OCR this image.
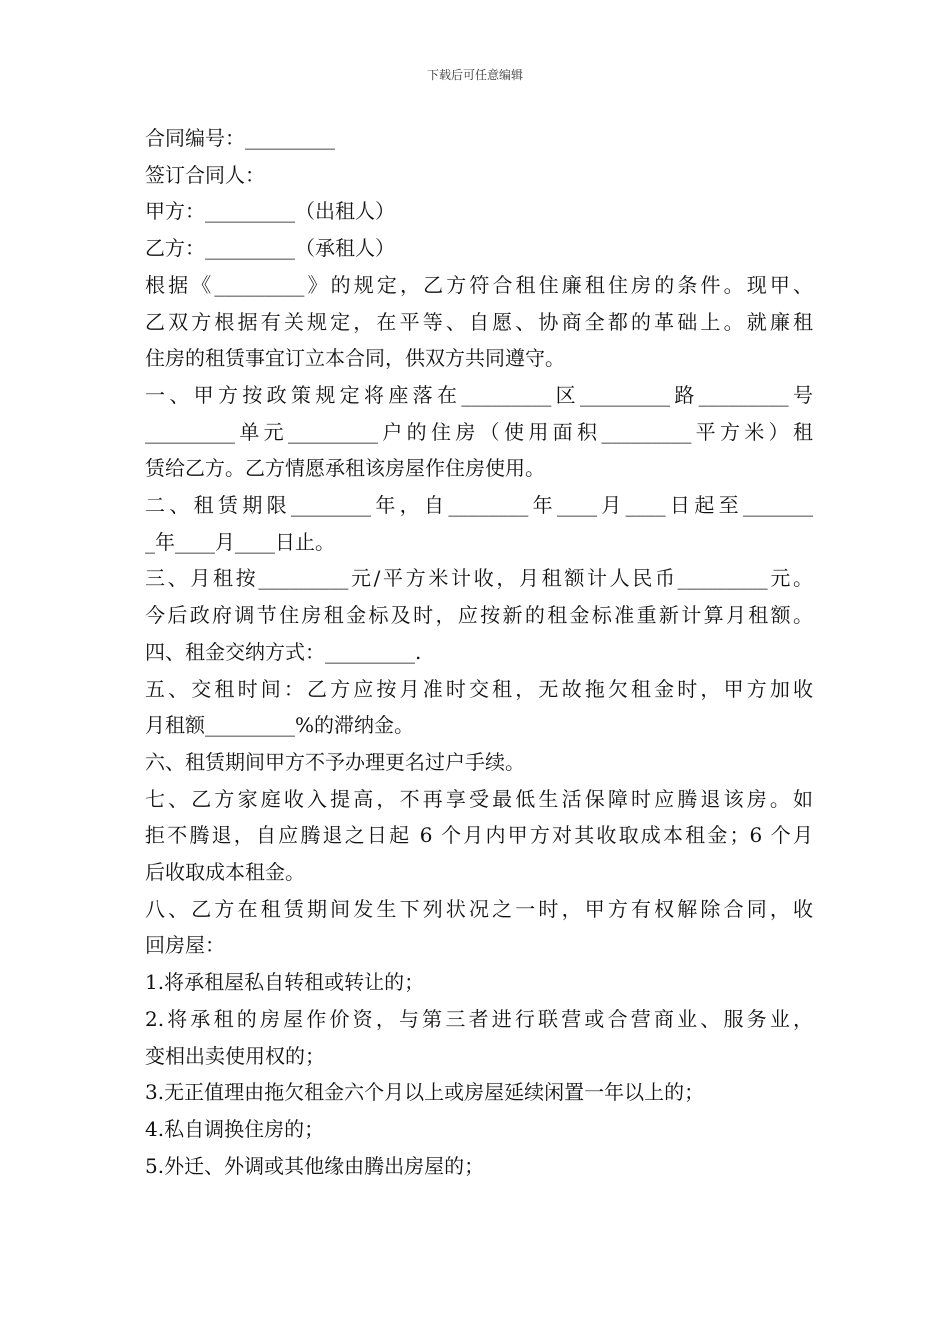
下载后可任意编辑
合同编号：_________
签订合同人：
甲方：_________（出租人）
乙方：_________（承租人）
根据《_________》的规定，乙方符合租住廉租住房的条件。现甲、
乙双方根据有关规定，在平等、自愿、协商全都的革础上。就廉租
住房的租赁事宜订立本合同，供双方共同遵守。
一、甲方按政策规定将座落在_________区_________路_________号
_________单元_________户的住房（使用面积_________平方米）租
赁给乙方。乙方情愿承租该房屋作住房使用。
二、租赁期限________年，自________年____月____日起至_______
_年____月____日止。
三、月租按_________元/平方米计收，月租额计人民币_________元。
今后政府调节住房租金标及时，应按新的租金标准重新计算月租额。
四、租金交纳方式：_________.
五、交租时间：乙方应按月准时交租，无故拖欠租金时，甲方加收
月租额_________%的滞纳金。
六、租赁期间甲方不予办理更名过户手续。
七、乙方家庭收入提高，不再享受最低生活保障时应腾退该房。如
拒不腾退，自应腾退之日起 6 个月内甲方对其收取成本租金；6 个月
后收取成本租金。
八、乙方在租赁期间发生下列状况之一时，甲方有权解除合同，收
回房屋：
1.将承租屋私自转租或转让的；
2.将承租的房屋作价资，与第三者进行联营或合营商业、服务业，
变相出卖使用权的；
3.无正值理由拖欠租金六个月以上或房屋延续闲置一年以上的；
4.私自调换住房的；
5.外迁、外调或其他缘由腾出房屋的；
